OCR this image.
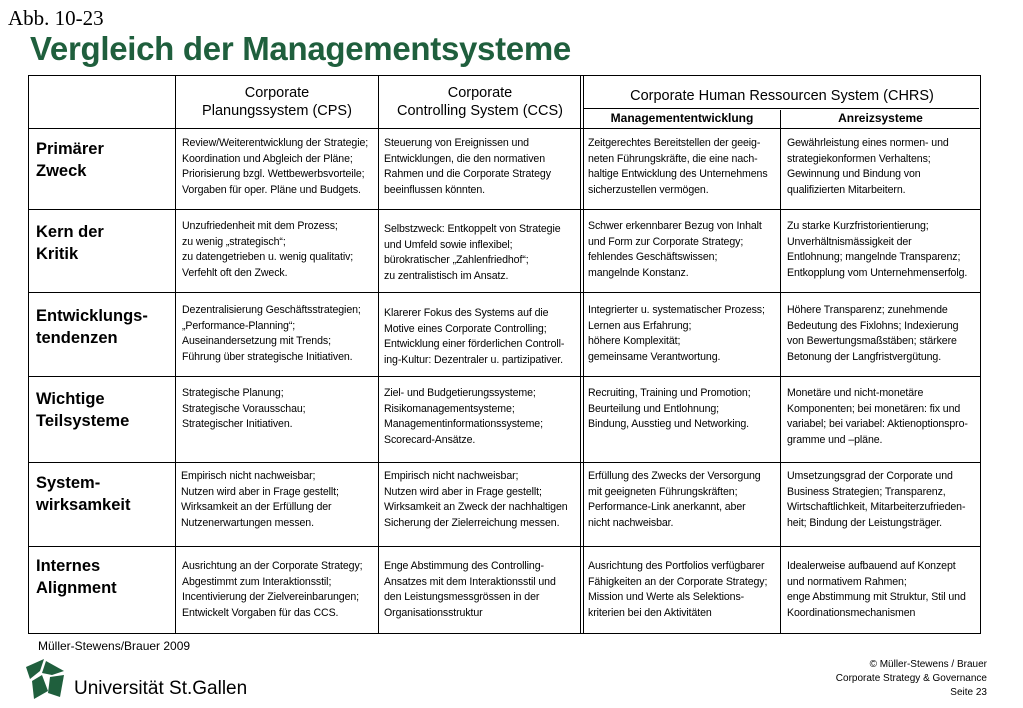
Abb. 10-23
Vergleich der Managementsysteme
Corporate
Planungssystem (CPS)
Corporate
Controlling System (CCS)
Corporate Human Ressourcen System (CHRS)
Managemententwicklung	Anreizsysteme
Primärer
Zweck
Review/Weiterentwicklung der Strategie;
Koordination und Abgleich der Pläne;
Priorisierung bzgl. Wettbewerbsvorteile;
Vorgaben für oper. Pläne und Budgets.
Steuerung von Ereignissen und
Entwicklungen, die den normativen
Rahmen und die Corporate Strategy
beeinflussen könnten.
Zeitgerechtes Bereitstellen der geeig-
neten Führungskräfte, die eine nach-
haltige Entwicklung des Unternehmens
sicherzustellen vermögen.
Gewährleistung eines normen- und
strategiekonformen Verhaltens;
Gewinnung und Bindung von
qualifizierten Mitarbeitern.
Kern der
Kritik
Unzufriedenheit mit dem Prozess;
zu wenig „strategisch“;
zu datengetrieben u. wenig qualitativ;
Verfehlt oft den Zweck.
Selbstzweck: Entkoppelt von Strategie
und Umfeld sowie inflexibel;
bürokratischer „Zahlenfriedhof“;
zu zentralistisch im Ansatz.
Schwer erkennbarer Bezug von Inhalt
und Form zur Corporate Strategy;
fehlendes Geschäftswissen;
mangelnde Konstanz.
Zu starke Kurzfristorientierung;
Unverhältnismässigkeit der
Entlohnung; mangelnde Transparenz;
Entkopplung vom Unternehmenserfolg.
Entwicklungs-
tendenzen
Dezentralisierung Geschäftsstrategien;
„Performance-Planning“;
Auseinandersetzung mit Trends;
Führung über strategische Initiativen.
Klarerer Fokus des Systems auf die
Motive eines Corporate Controlling;
Entwicklung einer förderlichen Controll-
ing-Kultur: Dezentraler u. partizipativer.
Integrierter u. systematischer Prozess;
Lernen aus Erfahrung;
höhere Komplexität;
gemeinsame Verantwortung.
Höhere Transparenz; zunehmende
Bedeutung des Fixlohns; Indexierung
von Bewertungsmaßstäben; stärkere
Betonung der Langfristvergütung.
Wichtige
Teilsysteme
Strategische Planung;
Strategische Vorausschau;
Strategischer Initiativen.
Ziel- und Budgetierungssysteme;
Risikomanagementsysteme;
Managementinformationssysteme;
Scorecard-Ansätze.
Recruiting, Training und Promotion;
Beurteilung und Entlohnung;
Bindung, Ausstieg und Networking.
Monetäre und nicht-monetäre
Komponenten; bei monetären: fix und
variabel; bei variabel: Aktienoptionspro-
gramme und –pläne.
System-
wirksamkeit
Empirisch nicht nachweisbar;
Nutzen wird aber in Frage gestellt;
Wirksamkeit an der Erfüllung der
Nutzenerwartungen messen.
Empirisch nicht nachweisbar;
Nutzen wird aber in Frage gestellt;
Wirksamkeit an Zweck der nachhaltigen
Sicherung der Zielerreichung messen.
Erfüllung des Zwecks der Versorgung
mit geeigneten Führungskräften;
Performance-Link anerkannt, aber
nicht nachweisbar.
Umsetzungsgrad der Corporate und
Business Strategien; Transparenz,
Wirtschaftlichkeit, Mitarbeiterzufrieden-
heit; Bindung der Leistungsträger.
Internes
Alignment
Ausrichtung an der Corporate Strategy;
Abgestimmt zum Interaktionsstil;
Incentivierung der Zielvereinbarungen;
Entwickelt Vorgaben für das CCS.
Enge Abstimmung des Controlling-
Ansatzes mit dem Interaktionsstil und
den Leistungsmessgrössen in der
Organisationsstruktur
Ausrichtung des Portfolios verfügbarer
Fähigkeiten an der Corporate Strategy;
Mission und Werte als Selektions-
kriterien bei den Aktivitäten
Idealerweise aufbauend auf Konzept
und normativem Rahmen;
enge Abstimmung mit Struktur, Stil und
Koordinationsmechanismen
Müller-Stewens/Brauer 2009
Universität St.Gallen
© Müller-Stewens / Brauer
Corporate Strategy & Governance
Seite 23
